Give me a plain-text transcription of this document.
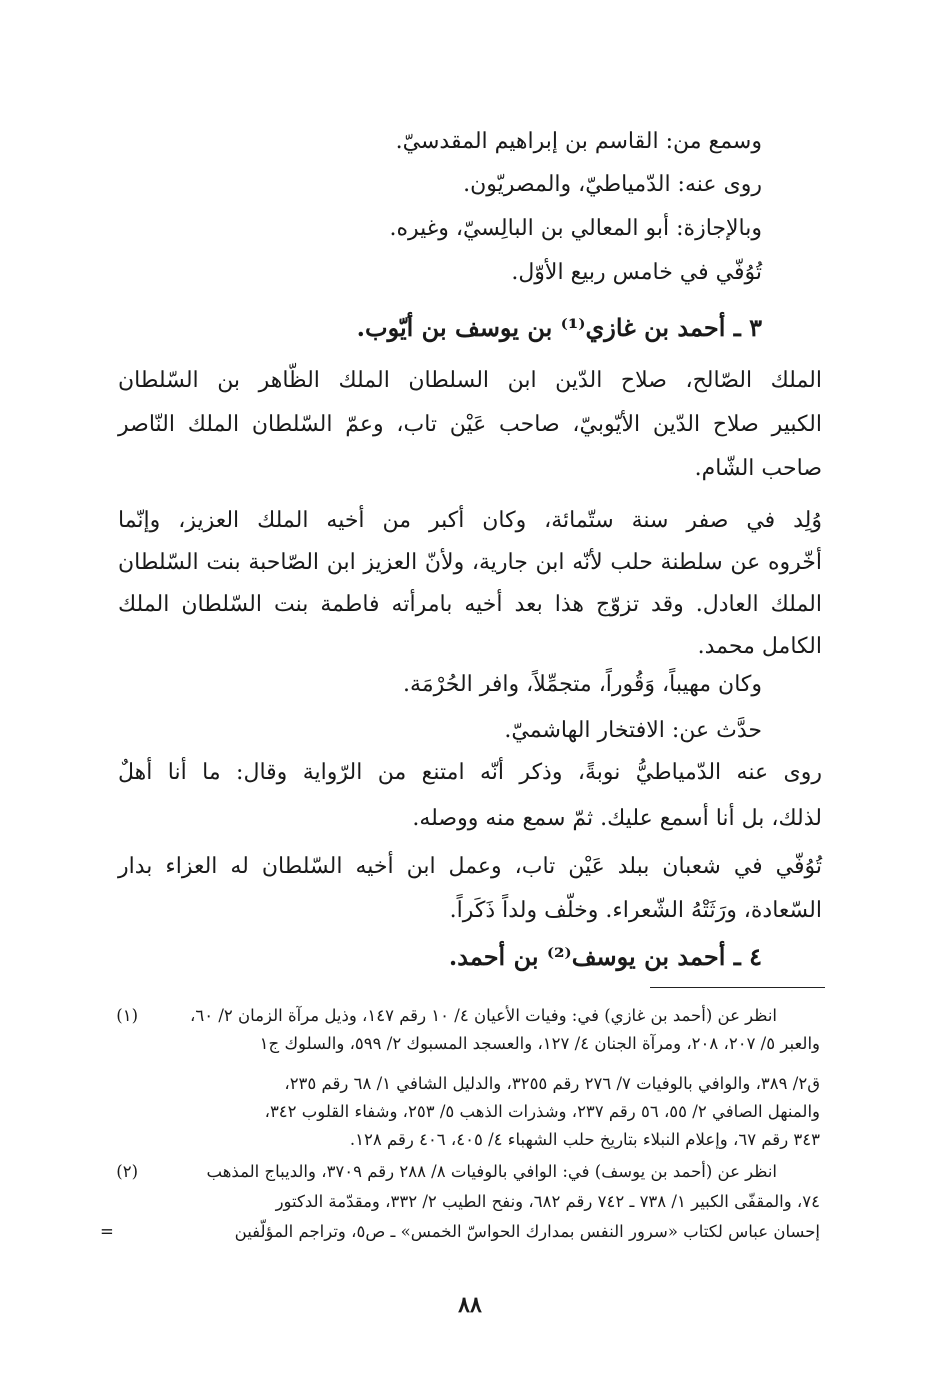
وسمع من: القاسم بن إبراهيم المقدسيّ.
روى عنه: الدّمياطيّ، والمصريّون.
وبالإجازة: أبو المعالي بن البالِسيّ، وغيره.
تُوُفّي في خامس ربيع الأوّل.
٣ ـ أحمد بن غازي⁽¹⁾ بن يوسف بن أيّوب.
الملك الصّالح، صلاح الدّين ابن السلطان الملك الظّاهر بن السّلطان
الكبير صلاح الدّين الأيّوبيّ، صاحب عَيْن تاب، وعمّ السّلطان الملك النّاصر
صاحب الشّام.
وُلِد في صفر سنة ستّمائة، وكان أكبر من أخيه الملك العزيز، وإنّما
أخّروه عن سلطنة حلب لأنّه ابن جارية، ولأنّ العزيز ابن الصّاحبة بنت السّلطان
الملك العادل. وقد تزوّج هذا بعد أخيه بامرأته فاطمة بنت السّلطان الملك
الكامل محمد.
وكان مهيباً، وَقُوراً، متجمِّلاً، وافر الحُرْمَة.
حدَّث عن: الافتخار الهاشميّ.
روى عنه الدّمياطيُّ نوبةً، وذكر أنّه امتنع من الرّواية وقال: ما أنا أهلٌ
لذلك، بل أنا أسمع عليك. ثمّ سمع منه ووصله.
تُوُفّي في شعبان ببلد عَيْن تاب، وعمل ابن أخيه السّلطان له العزاء بدار
السّعادة، ورَثَتْهُ الشّعراء. وخلّف ولداً ذَكَراً.
٤ ـ أحمد بن يوسف⁽²⁾ بن أحمد.
(١)	انظر عن (أحمد بن غازي) في: وفيات الأعيان ٤/ ١٠ رقم ١٤٧، وذيل مرآة الزمان ٢/ ٦٠،
والعبر ٥/ ٢٠٧، ٢٠٨، ومرآة الجنان ٤/ ١٢٧، والعسجد المسبوك ٢/ ٥٩٩، والسلوك ج١
ق٢/ ٣٨٩، والوافي بالوفيات ٧/ ٢٧٦ رقم ٣٢٥٥، والدليل الشافي ١/ ٦٨ رقم ٢٣٥،
والمنهل الصافي ٢/ ٥٥، ٥٦ رقم ٢٣٧، وشذرات الذهب ٥/ ٢٥٣، وشفاء القلوب ٣٤٢،
٣٤٣ رقم ٦٧، وإعلام النبلاء بتاريخ حلب الشهباء ٤/ ٤٠٥، ٤٠٦ رقم ١٢٨.
(٢)	انظر عن (أحمد بن يوسف) في: الوافي بالوفيات ٨/ ٢٨٨ رقم ٣٧٠٩، والديباج المذهب
٧٤، والمقفّى الكبير ١/ ٧٣٨ ـ ٧٤٢ رقم ٦٨٢، ونفح الطيب ٢/ ٣٣٢، ومقدّمة الدكتور
إحسان عباس لكتاب «سرور النفس بمدارك الحواسّ الخمس» ـ ص٥، وتراجم المؤلّفين
=
٨٨
